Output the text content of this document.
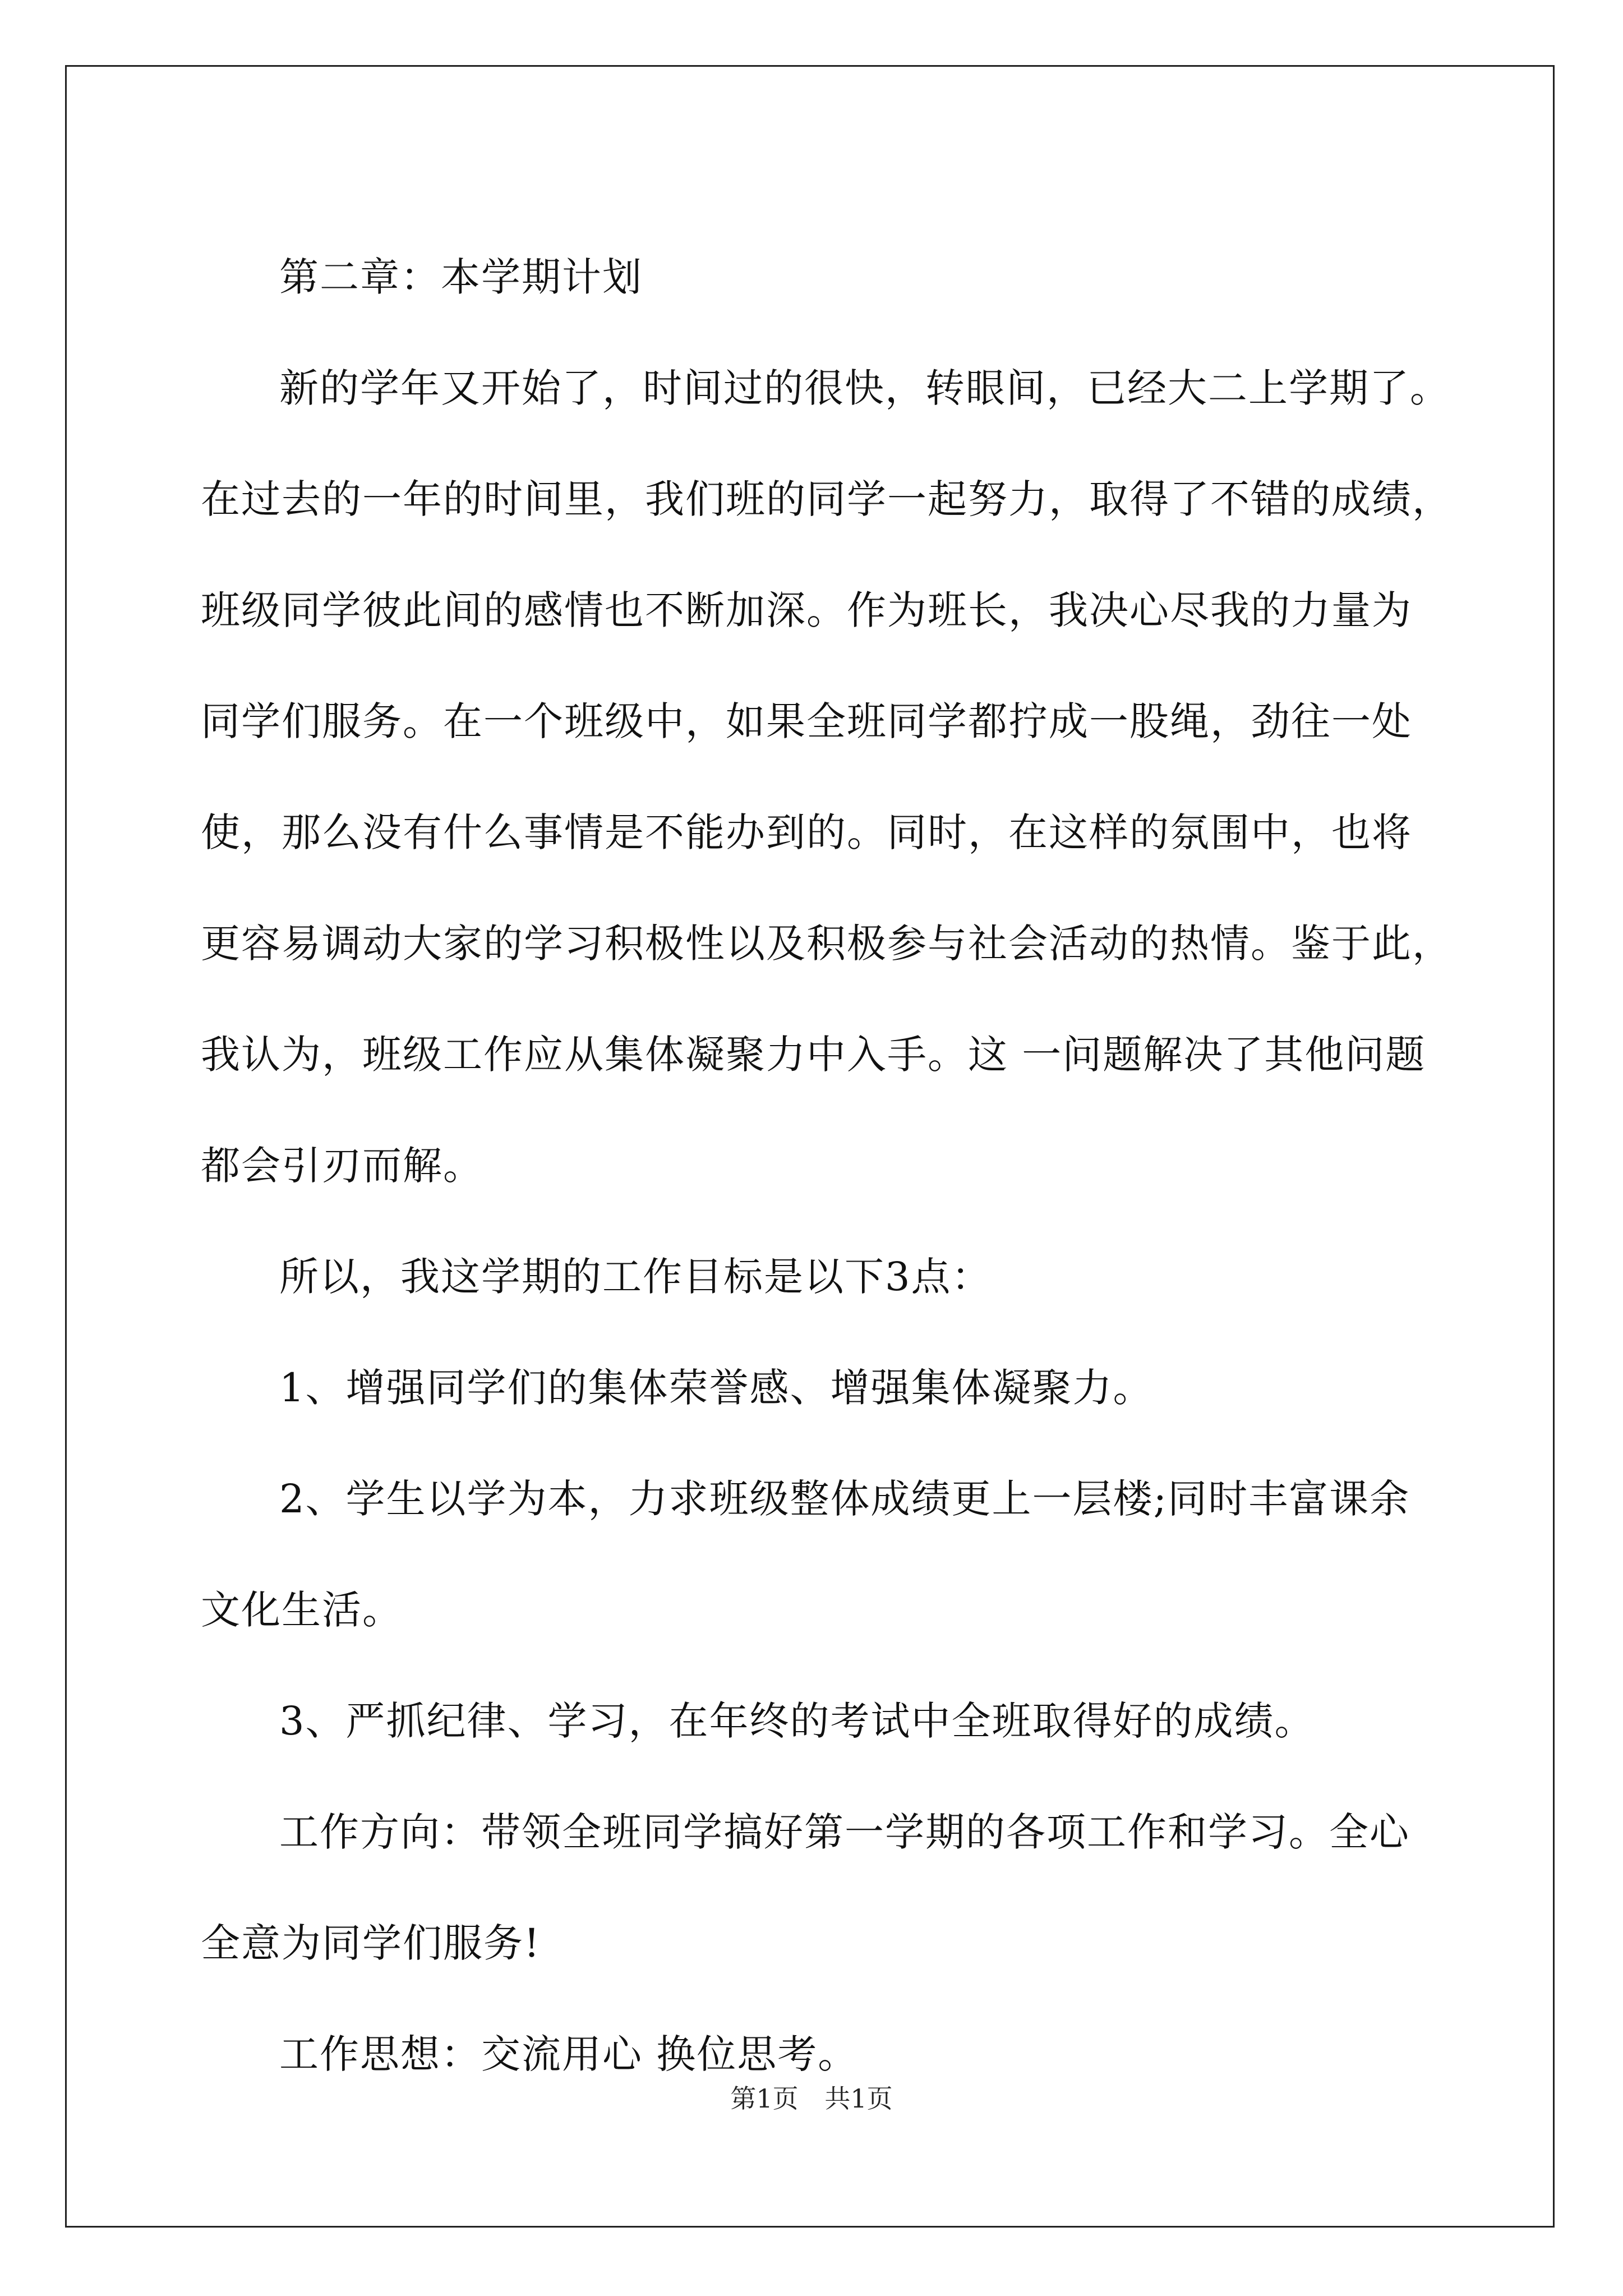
第二章：本学期计划
新的学年又开始了，时间过的很快，转眼间，已经大二上学期了。
在过去的一年的时间里，我们班的同学一起努力，取得了不错的成绩，
班级同学彼此间的感情也不断加深。作为班长，我决心尽我的力量为
同学们服务。在一个班级中，如果全班同学都拧成一股绳，劲往一处
使，那么没有什么事情是不能办到的。同时，在这样的氛围中，也将
更容易调动大家的学习积极性以及积极参与社会活动的热情。鉴于此，
我认为，班级工作应从集体凝聚力中入手。这 一问题解决了其他问题
都会引刃而解。
所以，我这学期的工作目标是以下3点：
1、增强同学们的集体荣誉感、增强集体凝聚力。
2、学生以学为本，力求班级整体成绩更上一层楼;同时丰富课余
文化生活。
3、严抓纪律、学习，在年终的考试中全班取得好的成绩。
工作方向：带领全班同学搞好第一学期的各项工作和学习。全心
全意为同学们服务!
工作思想：交流用心 换位思考。
第1页 共1页
